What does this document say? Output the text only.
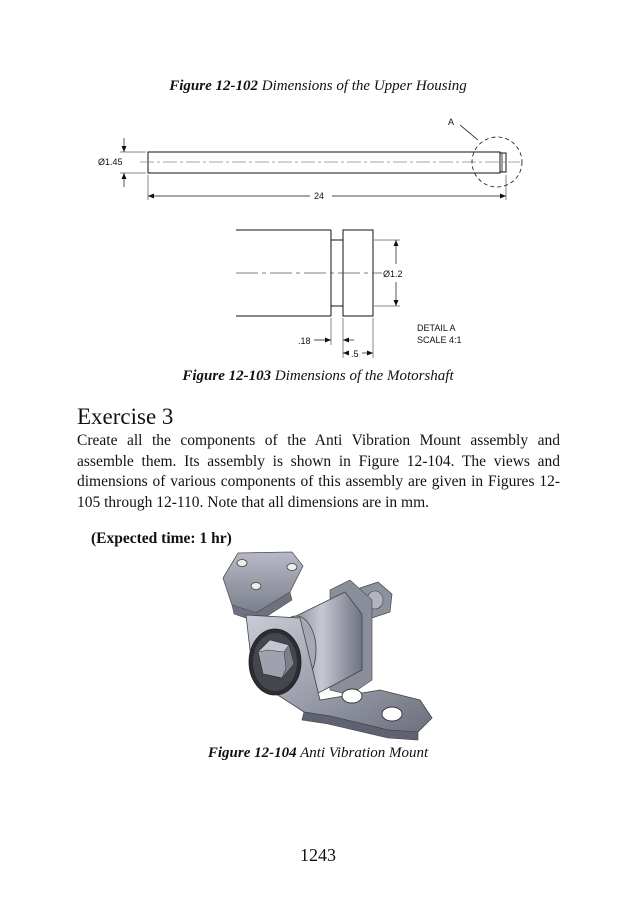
Figure 12-102 Dimensions of the Upper Housing
Ø1.45
24
A
Ø1.2
.18
.5
DETAIL A
SCALE 4:1
Figure 12-103 Dimensions of the Motorshaft
Exercise 3

Create all the components of the Anti Vibration Mount assembly and assemble them. Its assembly is shown in Figure 12-104. The views and dimensions of various components of this assembly are given in Figures 12-105 through 12-110. Note that all dimensions are in mm.

(Expected time: 1 hr)

Figure 12-104 Anti Vibration Mount
1243
